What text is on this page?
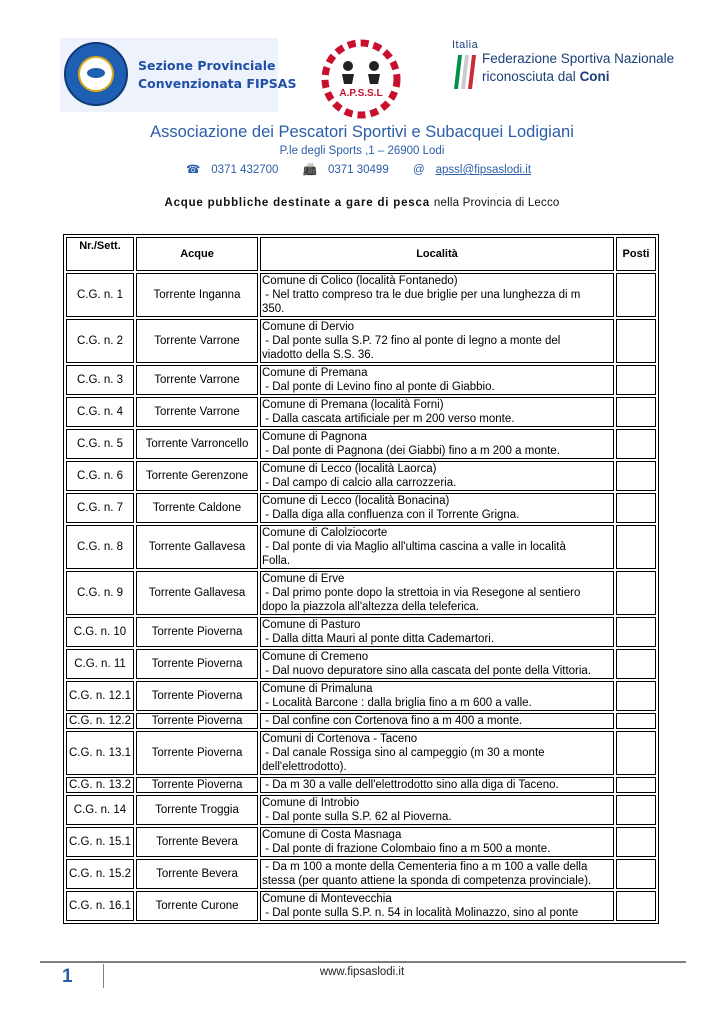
Sezione Provinciale
Convenzionata FIPSAS
A.P.S.S.L
Italia
Federazione Sportiva Nazionale
riconosciuta dal Coni
Associazione dei Pescatori Sportivi e Subacquei Lodigiani
P.le degli Sports ,1 – 26900 Lodi
☎ 0371 432700 📠 0371 30499 @ apssl@fipsaslodi.it
Acque pubbliche destinate a gare di pesca nella Provincia di Lecco
Nr./Sett.	Acque	Località	Posti
C.G. n. 1	Torrente Inganna	Comune di Colico (località Fontanedo)
- Nel tratto compreso tra le due briglie per una lunghezza di m
350.	

C.G. n. 2	Torrente Varrone	Comune di Dervio
- Dal ponte sulla S.P. 72 fino al ponte di legno a monte del
viadotto della S.S. 36.	

C.G. n. 3	Torrente Varrone	Comune di Premana
- Dal ponte di Levino fino al ponte di Giabbio.	

C.G. n. 4	Torrente Varrone	Comune di Premana (località Forni)
- Dalla cascata artificiale per m 200 verso monte.	

C.G. n. 5	Torrente Varroncello	Comune di Pagnona
- Dal ponte di Pagnona (dei Giabbi) fino a m 200 a monte.	

C.G. n. 6	Torrente Gerenzone	Comune di Lecco (località Laorca)
- Dal campo di calcio alla carrozzeria.	

C.G. n. 7	Torrente Caldone	Comune di Lecco (località Bonacina)
- Dalla diga alla confluenza con il Torrente Grigna.	

C.G. n. 8	Torrente Gallavesa	Comune di Calolziocorte
- Dal ponte di via Maglio all'ultima cascina a valle in località
Folla.	

C.G. n. 9	Torrente Gallavesa	Comune di Erve
- Dal primo ponte dopo la strettoia in via Resegone al sentiero
dopo la piazzola all'altezza della teleferica.	

C.G. n. 10	Torrente Pioverna	Comune di Pasturo
- Dalla ditta Mauri al ponte ditta Cademartori.	

C.G. n. 11	Torrente Pioverna	Comune di Cremeno
- Dal nuovo depuratore sino alla cascata del ponte della Vittoria.	

C.G. n. 12.1	Torrente Pioverna	Comune di Primaluna
- Località Barcone : dalla briglia fino a m 600 a valle.	

C.G. n. 12.2	Torrente Pioverna	- Dal confine con Cortenova fino a m 400 a monte.	

C.G. n. 13.1	Torrente Pioverna	Comuni di Cortenova - Taceno
- Dal canale Rossiga sino al campeggio (m 30 a monte
dell'elettrodotto).	

C.G. n. 13.2	Torrente Pioverna	- Da m 30 a valle dell'elettrodotto sino alla diga di Taceno.	

C.G. n. 14	Torrente Troggia	Comune di Introbio
- Dal ponte sulla S.P. 62 al Pioverna.	

C.G. n. 15.1	Torrente Bevera	Comune di Costa Masnaga
- Dal ponte di frazione Colombaio fino a m 500 a monte.	

C.G. n. 15.2	Torrente Bevera	- Da m 100 a monte della Cementeria fino a m 100 a valle della
stessa (per quanto attiene la sponda di competenza provinciale).	

C.G. n. 16.1	Torrente Curone	Comune di Montevecchia
- Dal ponte sulla S.P. n. 54 in località Molinazzo, sino al ponte	

1	www.fipsaslodi.it
